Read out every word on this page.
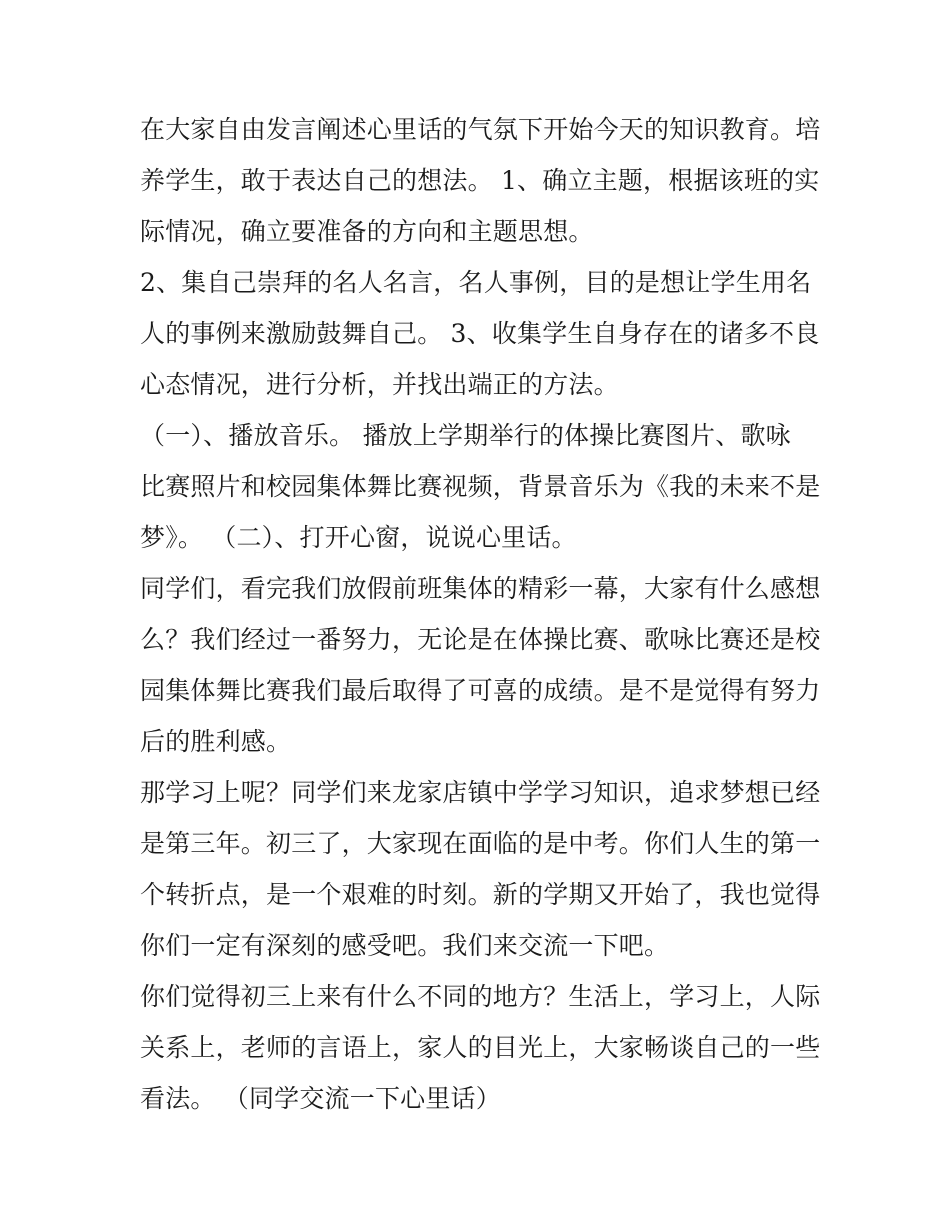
在大家自由发言阐述心里话的气氛下开始今天的知识教育。培
养学生，敢于表达自己的想法。 1、确立主题，根据该班的实
际情况，确立要准备的方向和主题思想。

2、集自己崇拜的名人名言，名人事例，目的是想让学生用名
人的事例来激励鼓舞自己。 3、收集学生自身存在的诸多不良
心态情况，进行分析，并找出端正的方法。

（一）、播放音乐。 播放上学期举行的体操比赛图片、歌咏
比赛照片和校园集体舞比赛视频，背景音乐为《我的未来不是
梦》。 （二）、打开心窗，说说心里话。

同学们，看完我们放假前班集体的精彩一幕，大家有什么感想
么？我们经过一番努力，无论是在体操比赛、歌咏比赛还是校
园集体舞比赛我们最后取得了可喜的成绩。是不是觉得有努力
后的胜利感。

那学习上呢？同学们来龙家店镇中学学习知识，追求梦想已经
是第三年。初三了，大家现在面临的是中考。你们人生的第一
个转折点，是一个艰难的时刻。新的学期又开始了，我也觉得
你们一定有深刻的感受吧。我们来交流一下吧。

你们觉得初三上来有什么不同的地方？生活上，学习上，人际
关系上，老师的言语上，家人的目光上，大家畅谈自己的一些
看法。 （同学交流一下心里话）
